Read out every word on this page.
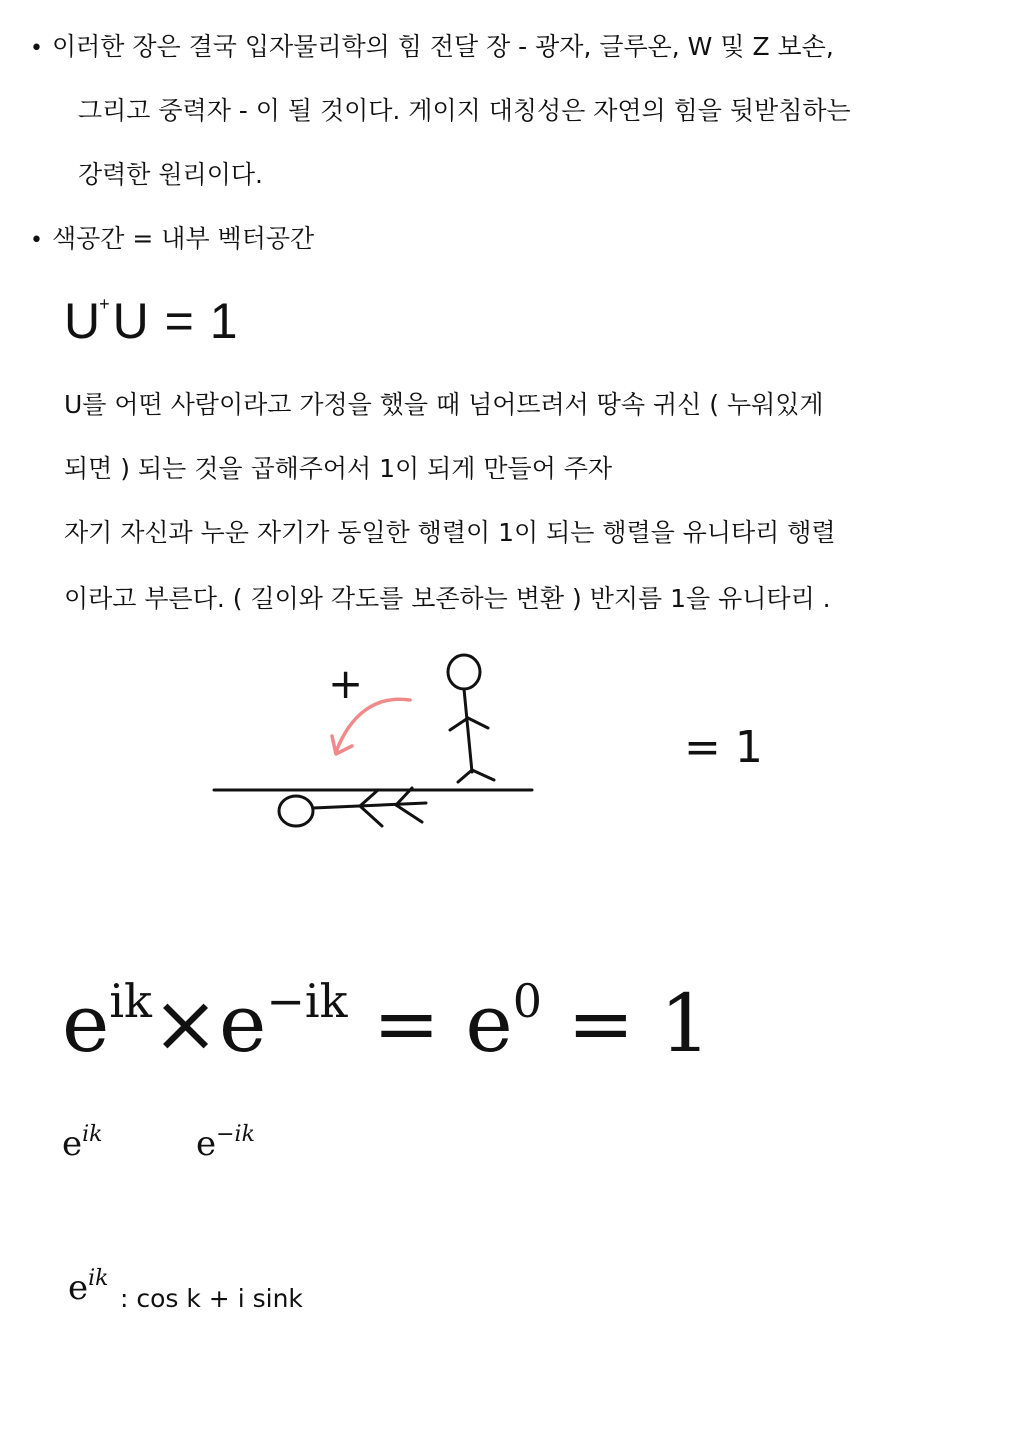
• 이러한 장은 결국 입자물리학의 힘 전달 장 - 광자, 글루온, W 및 Z 보손,
그리고 중력자 - 이 될 것이다. 게이지 대칭성은 자연의 힘을 뒷받침하는
강력한 원리이다.
• 색공간 = 내부 벡터공간
U+U = 1
U를 어떤 사람이라고 가정을 했을 때 넘어뜨려서 땅속 귀신 ( 누워있게
되면 ) 되는 것을 곱해주어서 1이 되게 만들어 주자
자기 자신과 누운 자기가 동일한 행렬이 1이 되는 행렬을 유니타리 행렬
이라고 부른다. ( 길이와 각도를 보존하는 변환 ) 반지름 1을 유니타리 .
+
= 1
$e^{ik}\times e^{-ik} = e^0 = 1$
$e^{ik}$	$e^{-ik}$
$e^{ik}$
: cos k + i sink
